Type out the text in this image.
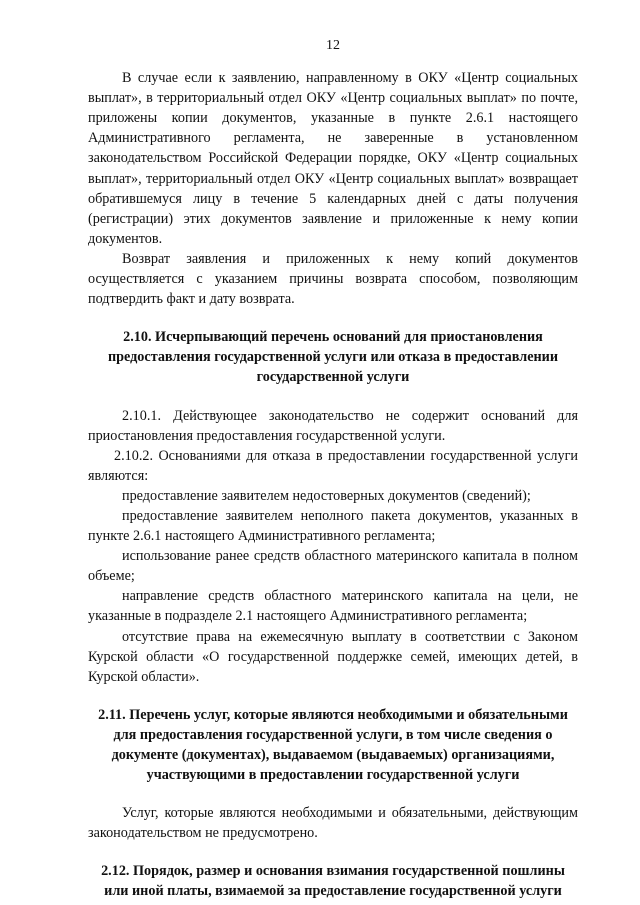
12

В случае если к заявлению, направленному в ОКУ «Центр социальных выплат», в территориальный отдел ОКУ «Центр социальных выплат» по почте, приложены копии документов, указанные в пункте 2.6.1 настоящего Административного регламента, не заверенные в установленном законодательством Российской Федерации порядке, ОКУ «Центр социальных выплат», территориальный отдел ОКУ «Центр социальных выплат» возвращает обратившемуся лицу в течение 5 календарных дней с даты получения (регистрации) этих документов заявление и приложенные к нему копии документов.

Возврат заявления и приложенных к нему копий документов осуществляется с указанием причины возврата способом, позволяющим подтвердить факт и дату возврата.

2.10. Исчерпывающий перечень оснований для приостановления предоставления государственной услуги или отказа в предоставлении государственной услуги

2.10.1. Действующее законодательство не содержит оснований для приостановления предоставления государственной услуги.

2.10.2. Основаниями для отказа в предоставлении государственной услуги являются:

предоставление заявителем недостоверных документов (сведений);

предоставление заявителем неполного пакета документов, указанных в пункте 2.6.1 настоящего Административного регламента;

использование ранее средств областного материнского капитала в полном объеме;

направление средств областного материнского капитала на цели, не указанные в подразделе 2.1 настоящего Административного регламента;

отсутствие права на ежемесячную выплату в соответствии с Законом Курской области «О государственной поддержке семей, имеющих детей, в Курской области».

2.11. Перечень услуг, которые являются необходимыми и обязательными для предоставления государственной услуги, в том числе сведения о документе (документах), выдаваемом (выдаваемых) организациями, участвующими в предоставлении государственной услуги

Услуг, которые являются необходимыми и обязательными, действующим законодательством не предусмотрено.

2.12. Порядок, размер и основания взимания государственной пошлины или иной платы, взимаемой за предоставление государственной услуги
